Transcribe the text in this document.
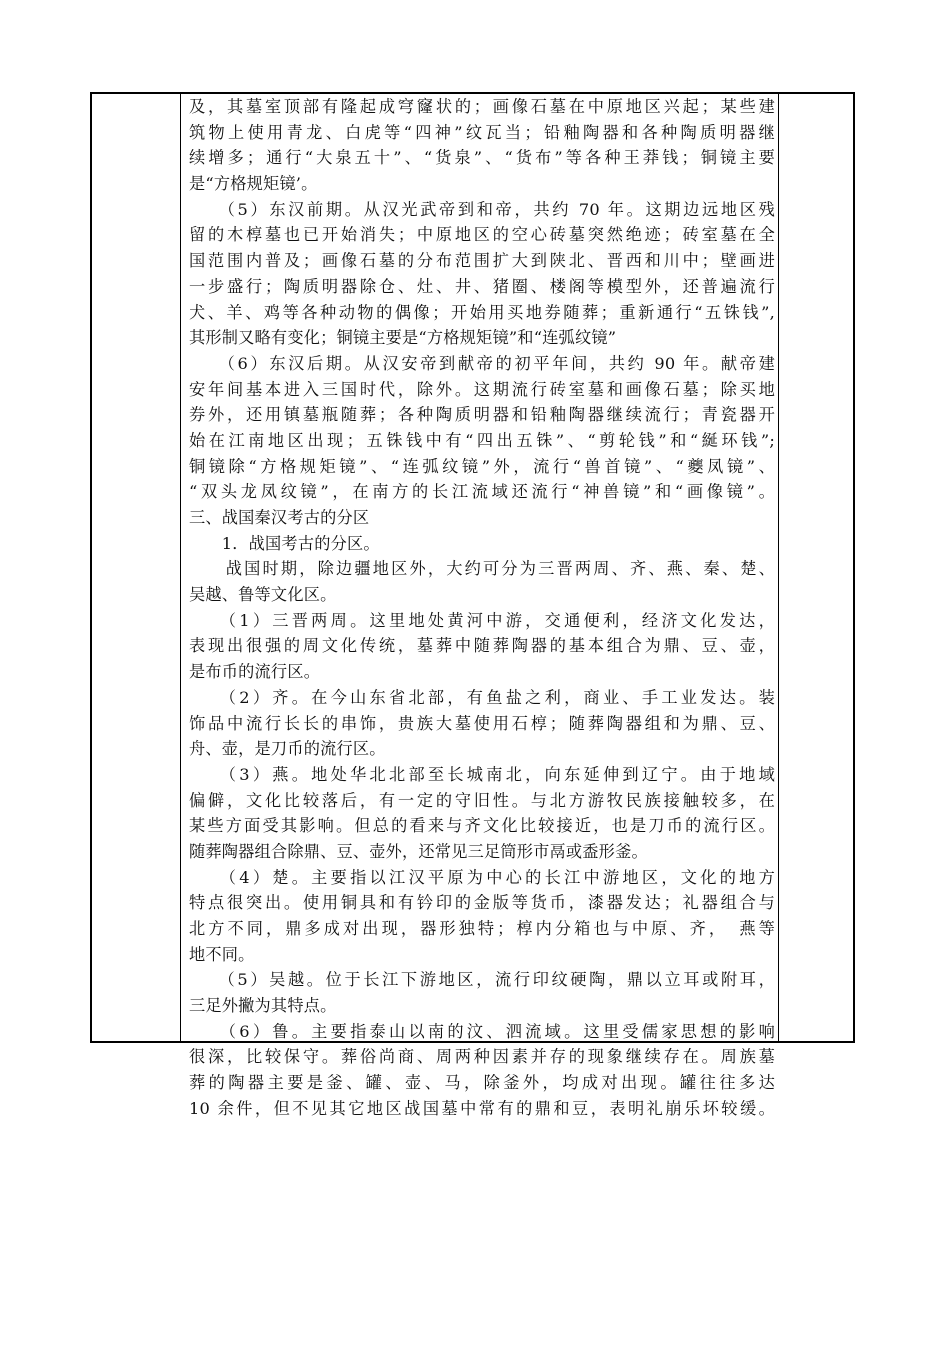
及，其墓室顶部有隆起成穹窿状的；画像石墓在中原地区兴起；某些建
筑物上使用青龙、白虎等“四神”纹瓦当；铅釉陶器和各种陶质明器继
续增多；通行“大泉五十”、“货泉”、“货布”等各种王莽钱；铜镜主要
是“方格规矩镜’。
　　（5）东汉前期。从汉光武帝到和帝，共约 70 年。这期边远地区残
留的木椁墓也已开始消失；中原地区的空心砖墓突然绝迹；砖室墓在全
国范围内普及；画像石墓的分布范围扩大到陕北、晋西和川中；壁画进
一步盛行；陶质明器除仓、灶、井、猪圈、楼阁等模型外，还普遍流行
犬、羊、鸡等各种动物的偶像；开始用买地券随葬；重新通行“五铢钱”,
其形制又略有变化；铜镜主要是“方格规矩镜”和“连弧纹镜”
　　（6）东汉后期。从汉安帝到献帝的初平年间，共约 90 年。献帝建
安年间基本进入三国时代，除外。这期流行砖室墓和画像石墓；除买地
券外，还用镇墓瓶随葬；各种陶质明器和铅釉陶器继续流行；青瓷器开
始在江南地区出现；五铢钱中有“四出五铢”、“剪轮钱”和“綖环钱”;
铜镜除“方格规矩镜”、“连弧纹镜”外，流行“兽首镜”、“夔凤镜”、
“双头龙凤纹镜”，在南方的长江流域还流行“神兽镜”和“画像镜”。
三、战国秦汉考古的分区
　　1．战国考古的分区。
　　战国时期，除边疆地区外，大约可分为三晋两周、齐、燕、秦、楚、
吴越、鲁等文化区。
　　（1）三晋两周。这里地处黄河中游，交通便利，经济文化发达，
表现出很强的周文化传统，墓葬中随葬陶器的基本组合为鼎、豆、壶，
是布币的流行区。
　　（2）齐。在今山东省北部，有鱼盐之利，商业、手工业发达。装
饰品中流行长长的串饰，贵族大墓使用石椁；随葬陶器组和为鼎、豆、
舟、壶，是刀币的流行区。
　　（3）燕。地处华北北部至长城南北，向东延伸到辽宁。由于地域
偏僻，文化比较落后，有一定的守旧性。与北方游牧民族接触较多，在
某些方面受其影响。但总的看来与齐文化比较接近，也是刀币的流行区。
随葬陶器组合除鼎、豆、壶外，还常见三足筒形市鬲或盉形釜。
　　（4）楚。主要指以江汉平原为中心的长江中游地区，文化的地方
特点很突出。使用铜具和有钤印的金版等货币，漆器发达；礼器组合与
北方不同，鼎多成对出现，器形独特；椁内分箱也与中原、齐，　燕等
地不同。
　　（5）吴越。位于长江下游地区，流行印纹硬陶，鼎以立耳或附耳，
三足外撇为其特点。
　　（6）鲁。主要指泰山以南的汶、泗流域。这里受儒家思想的影响
很深，比较保守。葬俗尚商、周两种因素并存的现象继续存在。周族墓
葬的陶器主要是釜、罐、壶、马，除釜外，均成对出现。罐往往多达
10 余件，但不见其它地区战国墓中常有的鼎和豆，表明礼崩乐坏较缓。
